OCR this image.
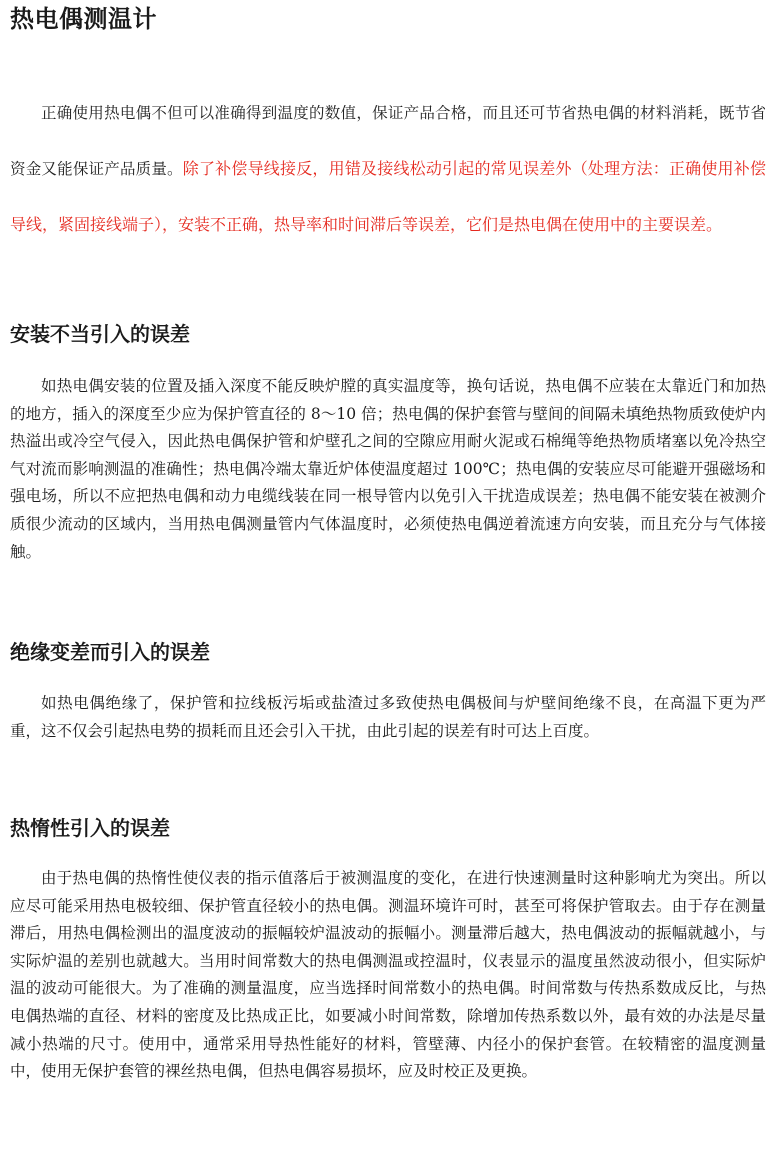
热电偶测温计

正确使用热电偶不但可以准确得到温度的数值，保证产品合格，而且还可节省热电偶的材料消耗，既节省资金又能保证产品质量。除了补偿导线接反，用错及接线松动引起的常见误差外（处理方法：正确使用补偿导线，紧固接线端子），安装不正确，热导率和时间滞后等误差，它们是热电偶在使用中的主要误差。

安装不当引入的误差

如热电偶安装的位置及插入深度不能反映炉膛的真实温度等，换句话说，热电偶不应装在太靠近门和加热的地方，插入的深度至少应为保护管直径的 8～10 倍；热电偶的保护套管与壁间的间隔未填绝热物质致使炉内热溢出或冷空气侵入，因此热电偶保护管和炉壁孔之间的空隙应用耐火泥或石棉绳等绝热物质堵塞以免冷热空气对流而影响测温的准确性；热电偶冷端太靠近炉体使温度超过 100℃；热电偶的安装应尽可能避开强磁场和强电场，所以不应把热电偶和动力电缆线装在同一根导管内以免引入干扰造成误差；热电偶不能安装在被测介质很少流动的区域内，当用热电偶测量管内气体温度时，必须使热电偶逆着流速方向安装，而且充分与气体接触。

绝缘变差而引入的误差

如热电偶绝缘了，保护管和拉线板污垢或盐渣过多致使热电偶极间与炉壁间绝缘不良，在高温下更为严重，这不仅会引起热电势的损耗而且还会引入干扰，由此引起的误差有时可达上百度。

热惰性引入的误差

由于热电偶的热惰性使仪表的指示值落后于被测温度的变化，在进行快速测量时这种影响尤为突出。所以应尽可能采用热电极较细、保护管直径较小的热电偶。测温环境许可时，甚至可将保护管取去。由于存在测量滞后，用热电偶检测出的温度波动的振幅较炉温波动的振幅小。测量滞后越大，热电偶波动的振幅就越小，与实际炉温的差别也就越大。当用时间常数大的热电偶测温或控温时，仪表显示的温度虽然波动很小，但实际炉温的波动可能很大。为了准确的测量温度，应当选择时间常数小的热电偶。时间常数与传热系数成反比，与热电偶热端的直径、材料的密度及比热成正比，如要减小时间常数，除增加传热系数以外，最有效的办法是尽量减小热端的尺寸。使用中，通常采用导热性能好的材料，管壁薄、内径小的保护套管。在较精密的温度测量中，使用无保护套管的裸丝热电偶，但热电偶容易损坏，应及时校正及更换。
